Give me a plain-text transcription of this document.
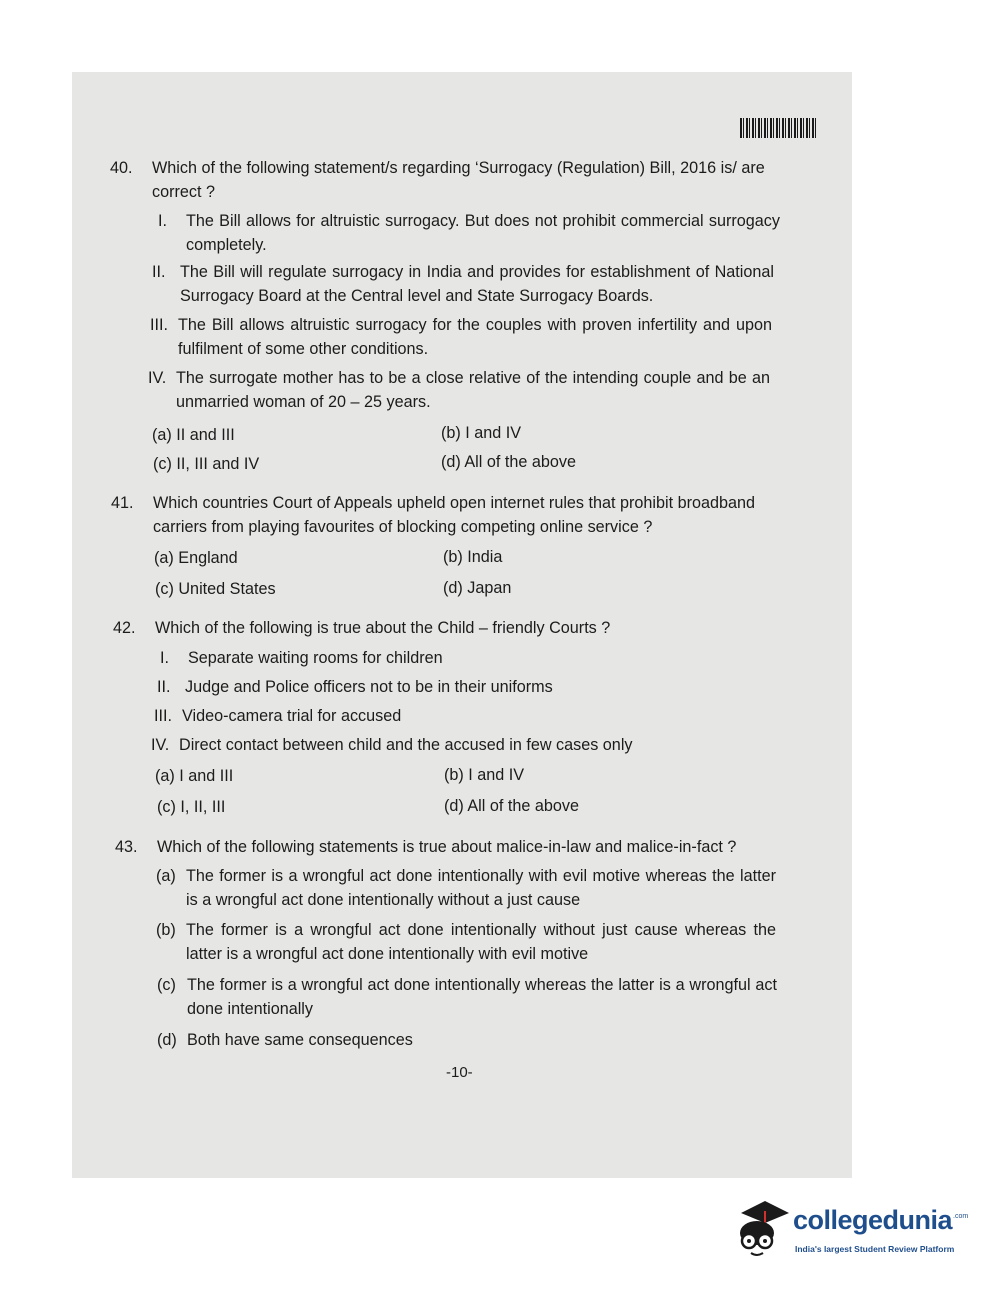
40. Which of the following statement/s regarding ‘Surrogacy (Regulation) Bill, 2016 is/ are correct ?
I. The Bill allows for altruistic surrogacy. But does not prohibit commercial surrogacy completely.
II. The Bill will regulate surrogacy in India and provides for establishment of National Surrogacy Board at the Central level and State Surrogacy Boards.
III. The Bill allows altruistic surrogacy for the couples with proven infertility and upon fulfilment of some other conditions.
IV. The surrogate mother has to be a close relative of the intending couple and be an unmarried woman of 20 – 25 years.
(a) II and III	(b) I and IV
(c) II, III and IV	(d) All of the above
41. Which countries Court of Appeals upheld open internet rules that prohibit broadband carriers from playing favourites of blocking competing online service ?
(a) England	(b) India
(c) United States	(d) Japan
42. Which of the following is true about the Child – friendly Courts ?
I. Separate waiting rooms for children
II. Judge and Police officers not to be in their uniforms
III. Video-camera trial for accused
IV. Direct contact between child and the accused in few cases only
(a) I and III	(b) I and IV
(c) I, II, III	(d) All of the above
43. Which of the following statements is true about malice-in-law and malice-in-fact ?
(a) The former is a wrongful act done intentionally with evil motive whereas the latter is a wrongful act done intentionally without a just cause
(b) The former is a wrongful act done intentionally without just cause whereas the latter is a wrongful act done intentionally with evil motive
(c) The former is a wrongful act done intentionally whereas the latter is a wrongful act done intentionally
(d) Both have same consequences
-10-
collegedunia .com
India's largest Student Review Platform
